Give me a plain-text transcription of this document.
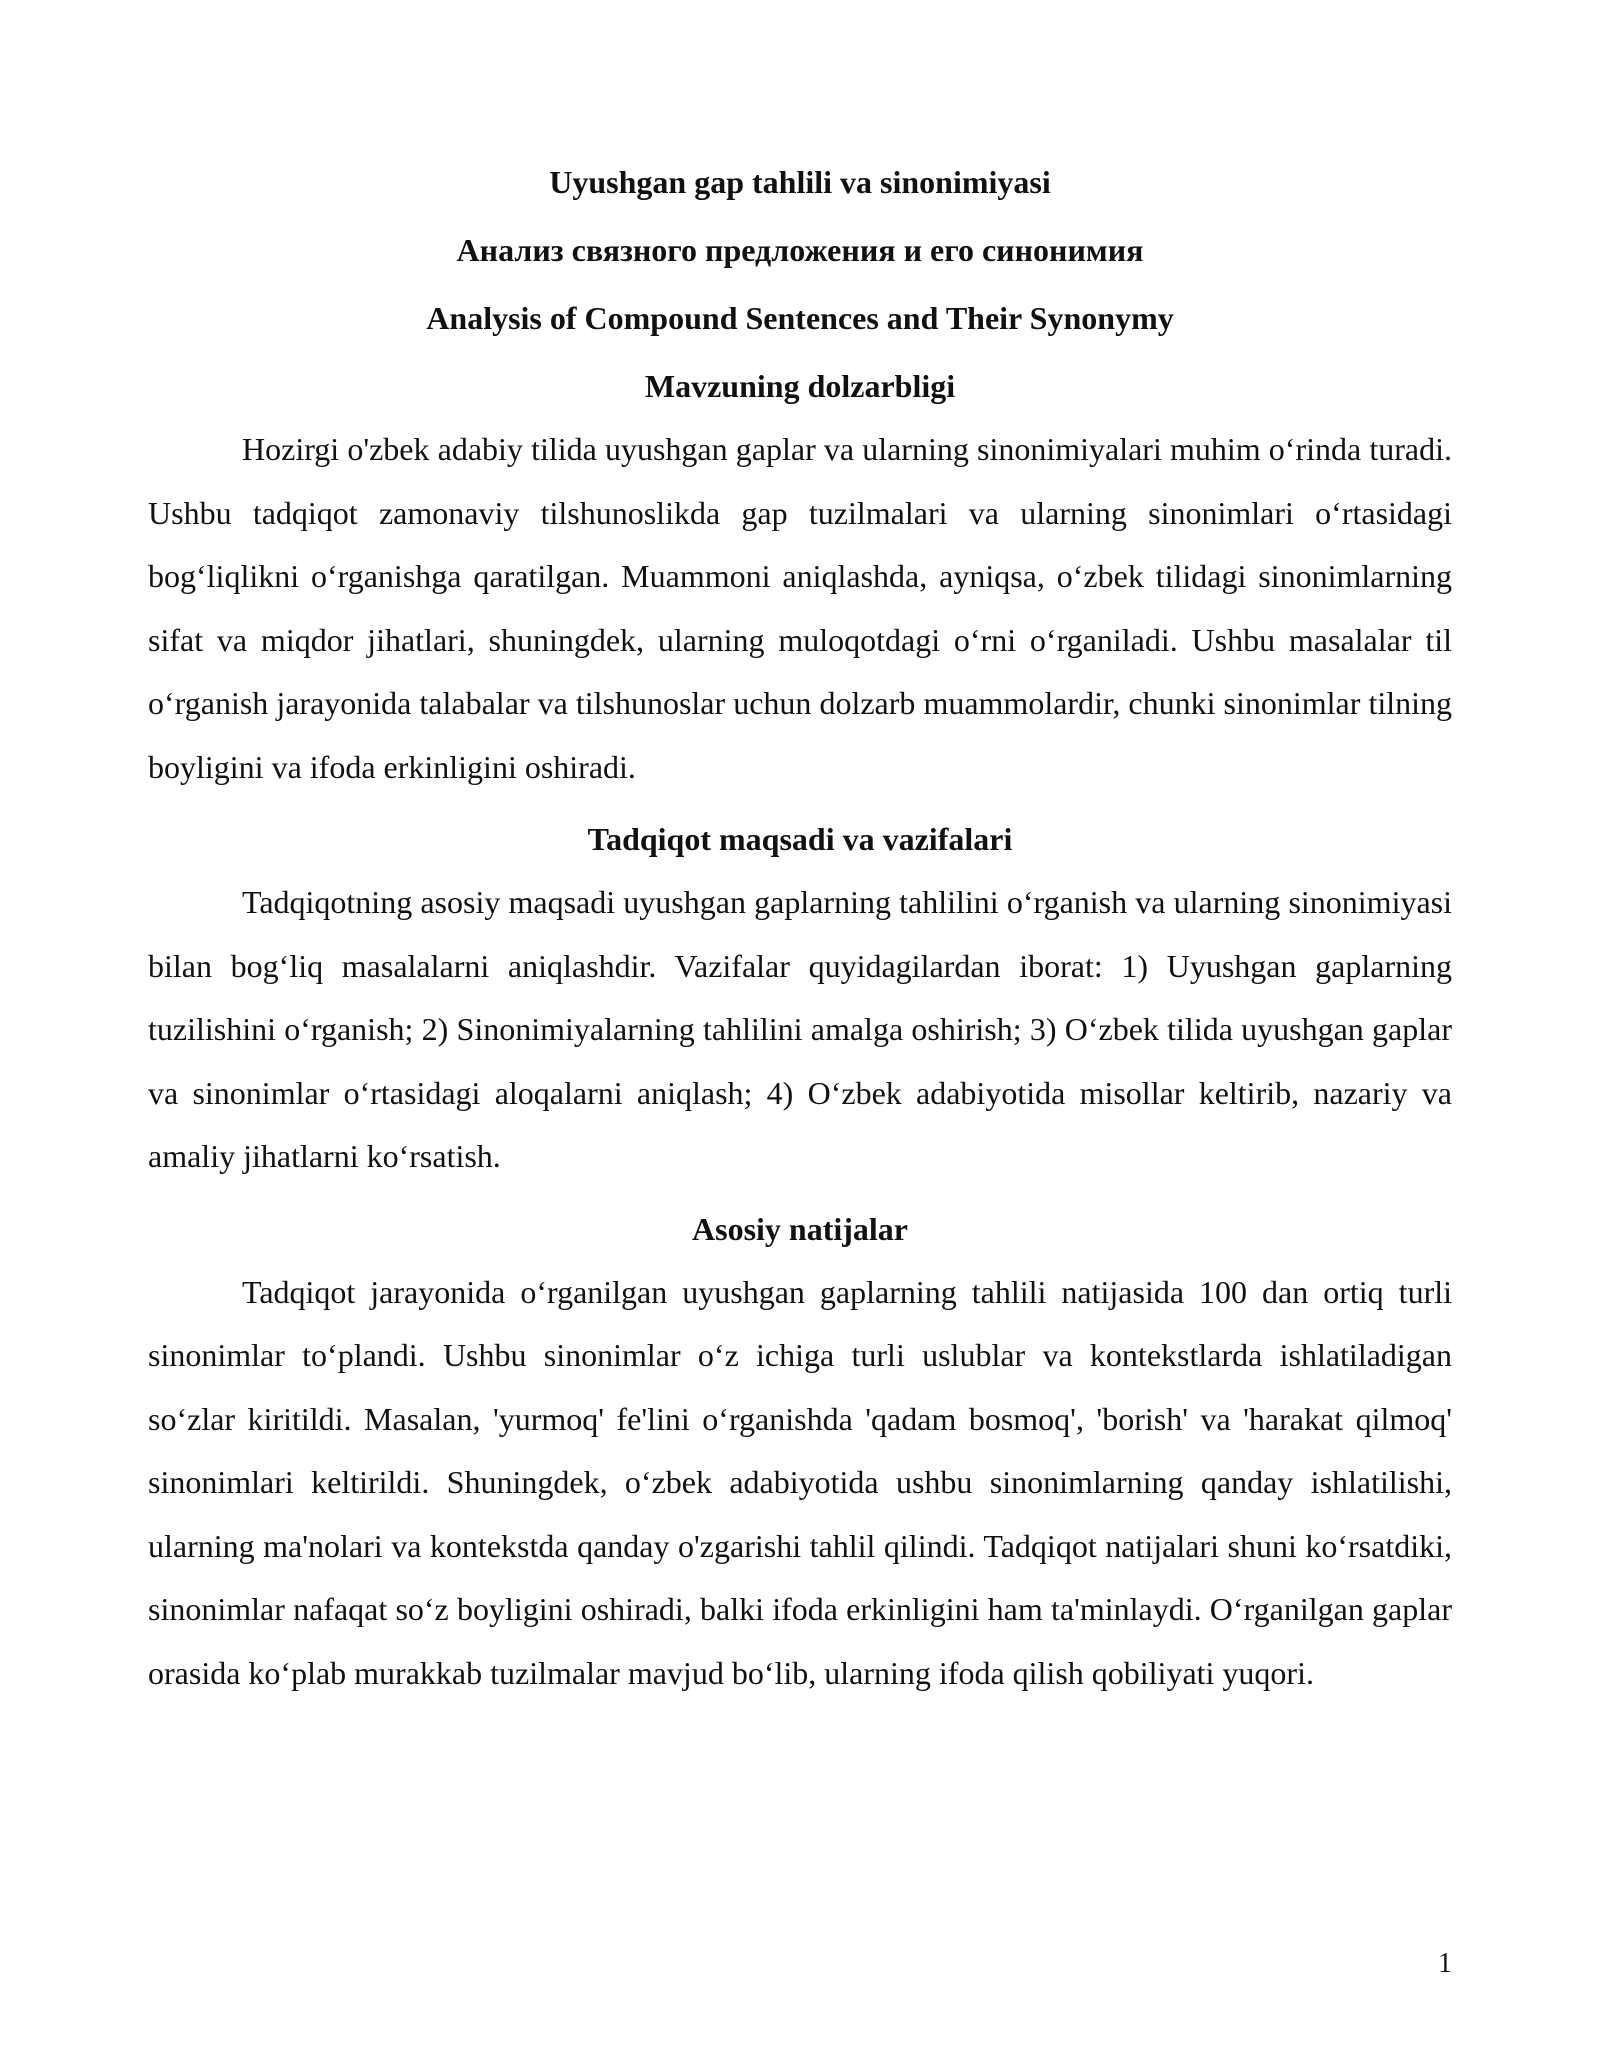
Uyushgan gap tahlili va sinonimiyasi
Анализ связного предложения и его синонимия
Analysis of Compound Sentences and Their Synonymy
Mavzuning dolzarbligi

Hozirgi o'zbek adabiy tilida uyushgan gaplar va ularning sinonimiyalari muhim o‘rinda turadi. Ushbu tadqiqot zamonaviy tilshunoslikda gap tuzilmalari va ularning sinonimlari o‘rtasidagi bog‘liqlikni o‘rganishga qaratilgan. Muammoni aniqlashda, ayniqsa, o‘zbek tilidagi sinonimlarning sifat va miqdor jihatlari, shuningdek, ularning muloqotdagi o‘rni o‘rganiladi. Ushbu masalalar til o‘rganish jarayonida talabalar va tilshunoslar uchun dolzarb muammolardir, chunki sinonimlar tilning boyligini va ifoda erkinligini oshiradi.

Tadqiqot maqsadi va vazifalari

Tadqiqotning asosiy maqsadi uyushgan gaplarning tahlilini o‘rganish va ularning sinonimiyasi bilan bog‘liq masalalarni aniqlashdir. Vazifalar quyidagilardan iborat: 1) Uyushgan gaplarning tuzilishini o‘rganish; 2) Sinonimiyalarning tahlilini amalga oshirish; 3) O‘zbek tilida uyushgan gaplar va sinonimlar o‘rtasidagi aloqalarni aniqlash; 4) O‘zbek adabiyotida misollar keltirib, nazariy va amaliy jihatlarni ko‘rsatish.

Asosiy natijalar

Tadqiqot jarayonida o‘rganilgan uyushgan gaplarning tahlili natijasida 100 dan ortiq turli sinonimlar to‘plandi. Ushbu sinonimlar o‘z ichiga turli uslublar va kontekstlarda ishlatiladigan so‘zlar kiritildi. Masalan, 'yurmoq' fe'lini o‘rganishda 'qadam bosmoq', 'borish' va 'harakat qilmoq' sinonimlari keltirildi. Shuningdek, o‘zbek adabiyotida ushbu sinonimlarning qanday ishlatilishi, ularning ma'nolari va kontekstda qanday o'zgarishi tahlil qilindi. Tadqiqot natijalari shuni ko‘rsatdiki, sinonimlar nafaqat so‘z boyligini oshiradi, balki ifoda erkinligini ham ta'minlaydi. O‘rganilgan gaplar orasida ko‘plab murakkab tuzilmalar mavjud bo‘lib, ularning ifoda qilish qobiliyati yuqori.

1
